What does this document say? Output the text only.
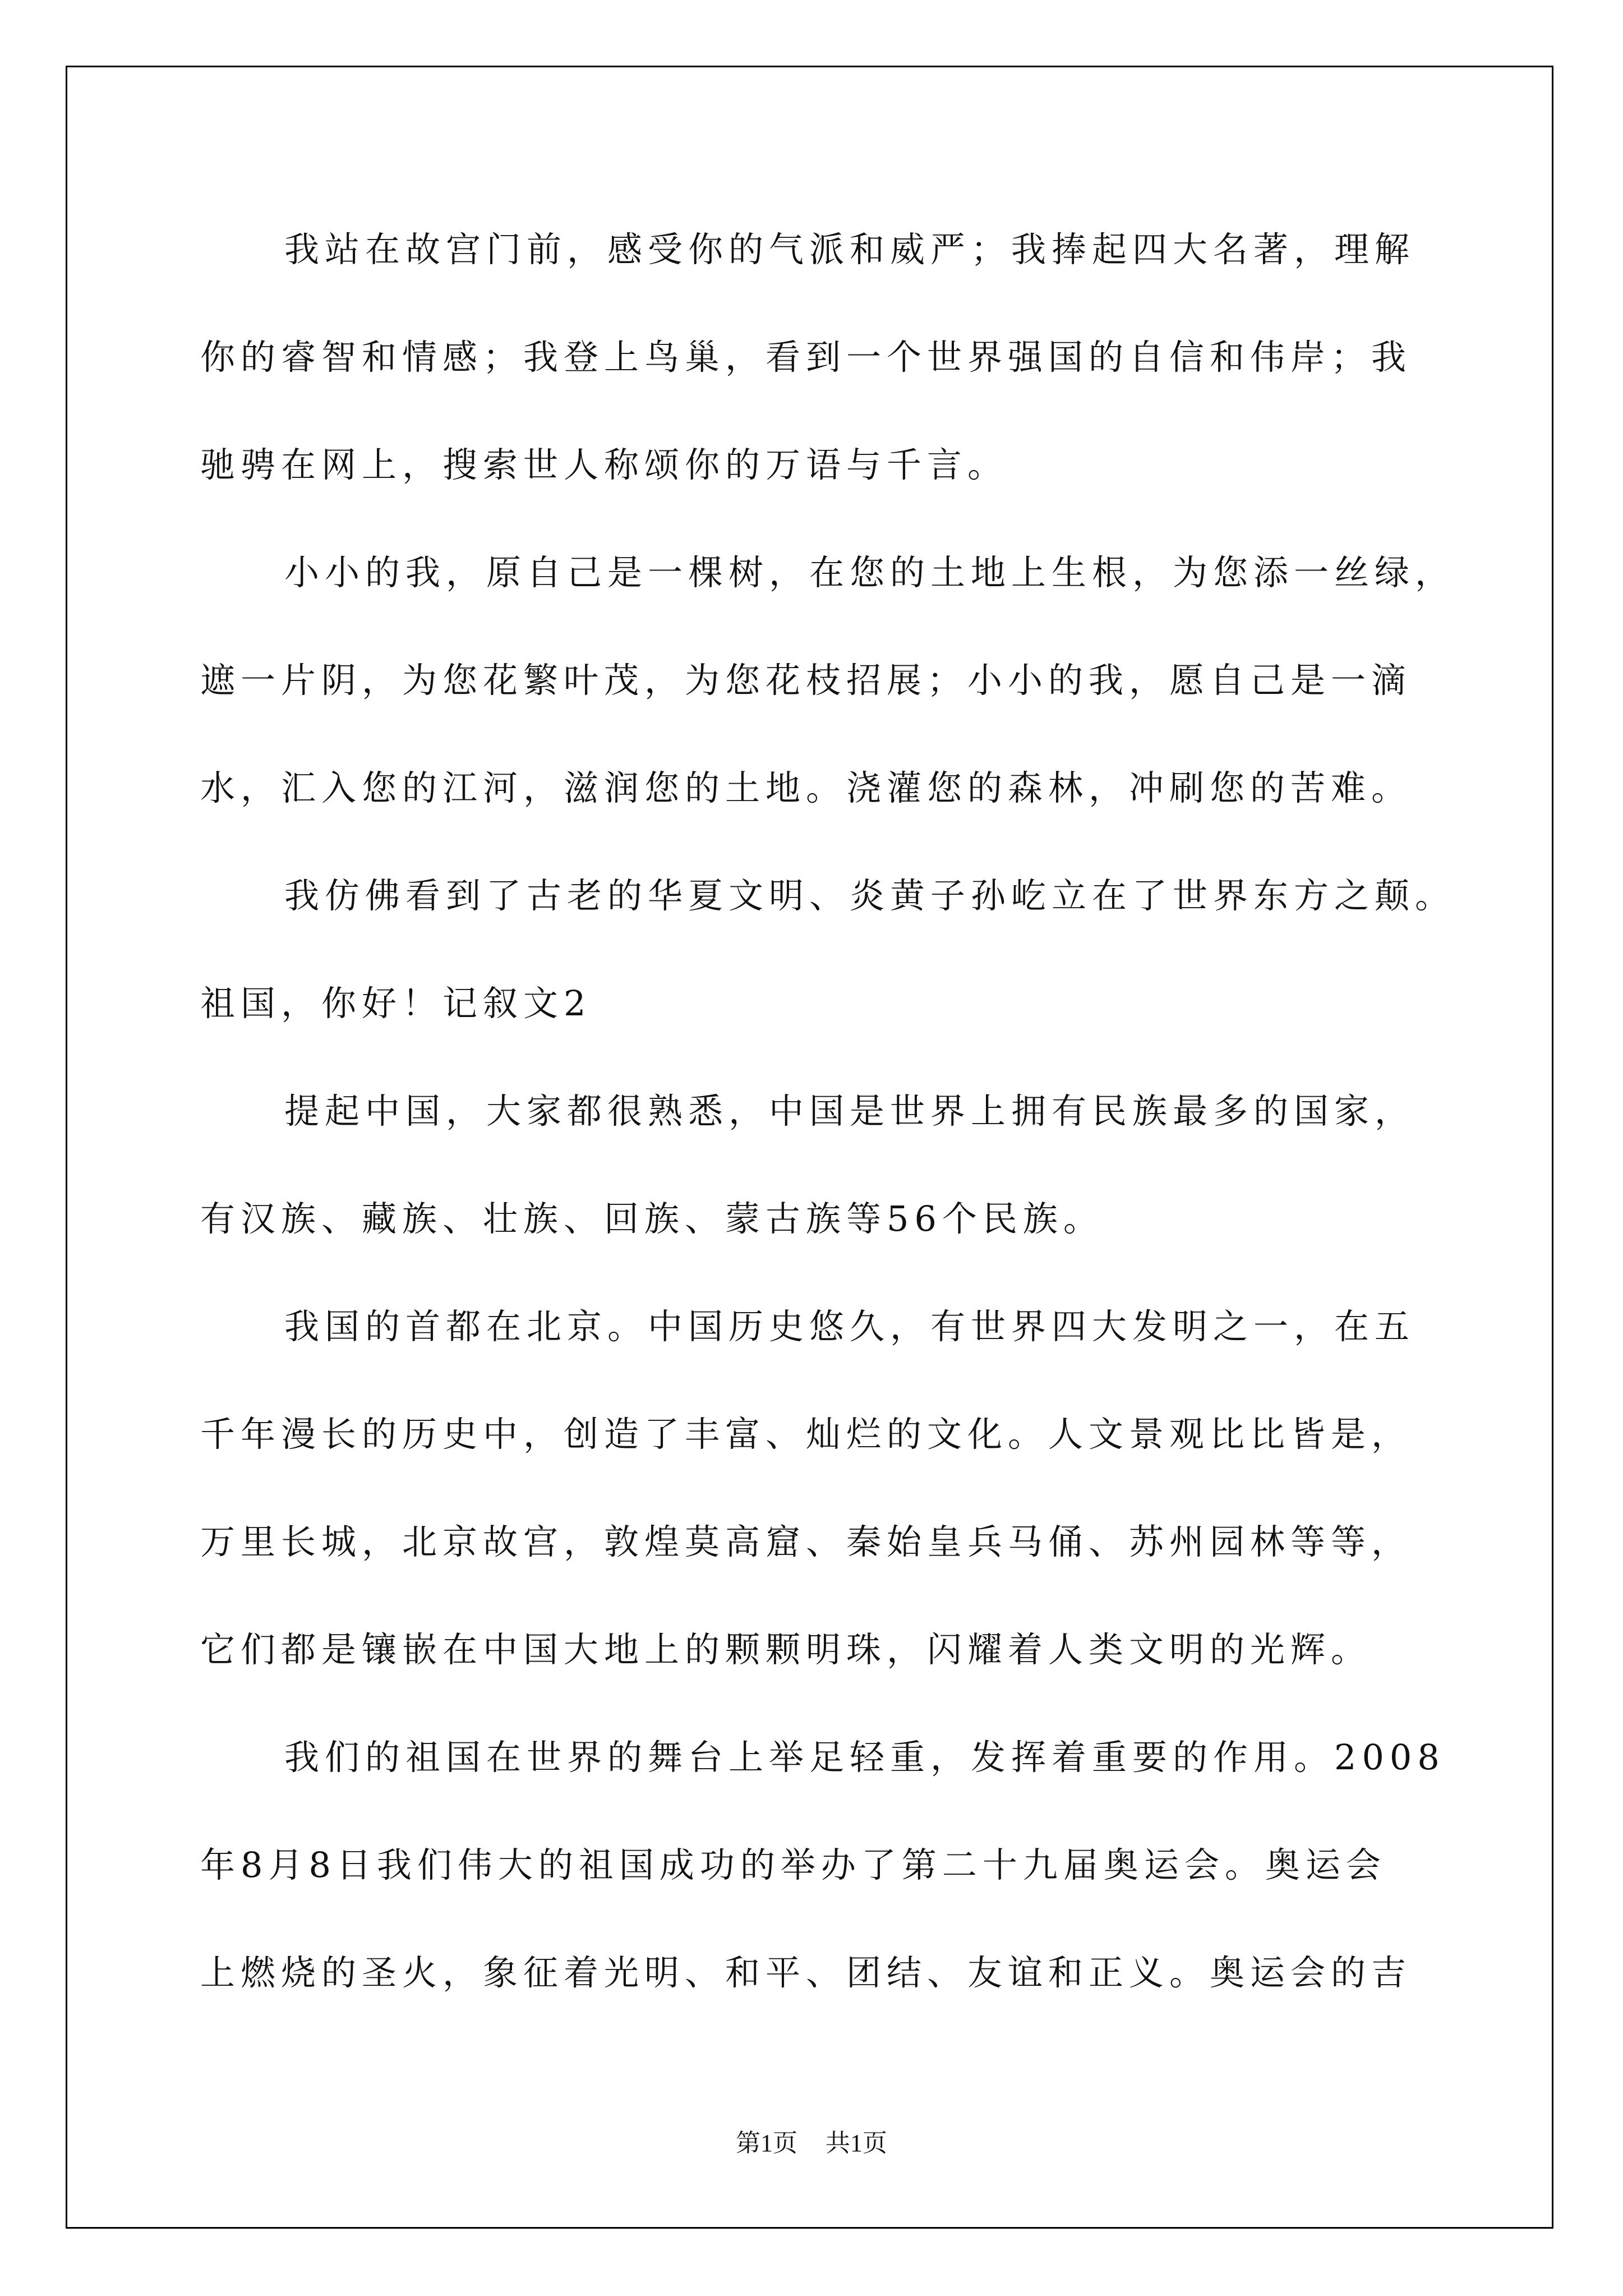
我站在故宫门前，感受你的气派和威严；我捧起四大名著，理解
你的睿智和情感；我登上鸟巢，看到一个世界强国的自信和伟岸；我
驰骋在网上，搜索世人称颂你的万语与千言。
小小的我，原自己是一棵树，在您的土地上生根，为您添一丝绿，
遮一片阴，为您花繁叶茂，为您花枝招展；小小的我，愿自己是一滴
水，汇入您的江河，滋润您的土地。浇灌您的森林，冲刷您的苦难。
我仿佛看到了古老的华夏文明、炎黄子孙屹立在了世界东方之颠。
祖国，你好！记叙文2
提起中国，大家都很熟悉，中国是世界上拥有民族最多的国家，
有汉族、藏族、壮族、回族、蒙古族等56个民族。
我国的首都在北京。中国历史悠久，有世界四大发明之一，在五
千年漫长的历史中，创造了丰富、灿烂的文化。人文景观比比皆是，
万里长城，北京故宫，敦煌莫高窟、秦始皇兵马俑、苏州园林等等，
它们都是镶嵌在中国大地上的颗颗明珠，闪耀着人类文明的光辉。
我们的祖国在世界的舞台上举足轻重，发挥着重要的作用。2008
年8月8日我们伟大的祖国成功的举办了第二十九届奥运会。奥运会
上燃烧的圣火，象征着光明、和平、团结、友谊和正义。奥运会的吉
第1页 共1页
